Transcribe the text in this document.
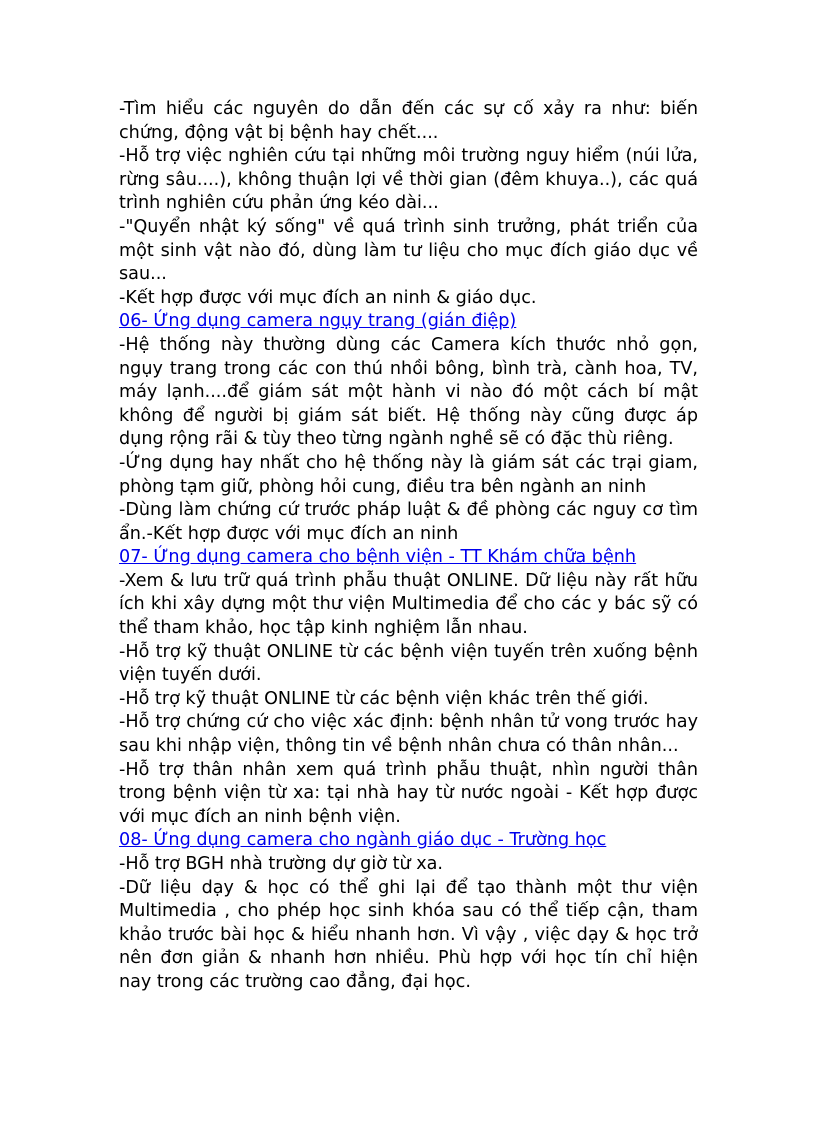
-Tìm hiểu các nguyên do dẫn đến các sự cố xảy ra như: biến chứng, động vật bị bệnh hay chết....

-Hỗ trợ việc nghiên cứu tại những môi trường nguy hiểm (núi lửa, rừng sâu....), không thuận lợi về thời gian (đêm khuya..), các quá trình nghiên cứu phản ứng kéo dài...

-"Quyển nhật ký sống" về quá trình sinh trưởng, phát triển của một sinh vật nào đó, dùng làm tư liệu cho mục đích giáo dục về sau...

-Kết hợp được với mục đích an ninh & giáo dục.

06- Ứng dụng camera ngụy trang (gián điệp)

-Hệ thống này thường dùng các Camera kích thước nhỏ gọn, ngụy trang trong các con thú nhồi bông, bình trà, cành hoa, TV, máy lạnh....để giám sát một hành vi nào đó một cách bí mật không để người bị giám sát biết. Hệ thống này cũng được áp dụng rộng rãi & tùy theo từng ngành nghề sẽ có đặc thù riêng.

-Ứng dụng hay nhất cho hệ thống này là giám sát các trại giam, phòng tạm giữ, phòng hỏi cung, điều tra bên ngành an ninh

-Dùng làm chứng cứ trước pháp luật & đề phòng các nguy cơ tìm ẩn.-Kết hợp được với mục đích an ninh

07- Ứng dụng camera cho bệnh viện - TT Khám chữa bệnh

-Xem & lưu trữ quá trình phẫu thuật ONLINE. Dữ liệu này rất hữu ích khi xây dựng một thư viện Multimedia để cho các y bác sỹ có thể tham khảo, học tập kinh nghiệm lẫn nhau.

-Hỗ trợ kỹ thuật ONLINE từ các bệnh viện tuyến trên xuống bệnh viện tuyến dưới.

-Hỗ trợ kỹ thuật ONLINE từ các bệnh viện khác trên thế giới.

-Hỗ trợ chứng cứ cho việc xác định: bệnh nhân tử vong trước hay sau khi nhập viện, thông tin về bệnh nhân chưa có thân nhân...

-Hỗ trợ thân nhân xem quá trình phẫu thuật, nhìn người thân trong bệnh viện từ xa: tại nhà hay từ nước ngoài - Kết hợp được với mục đích an ninh bệnh viện.

08- Ứng dụng camera cho ngành giáo dục - Trường học

-Hỗ trợ BGH nhà trường dự giờ từ xa.

-Dữ liệu dạy & học có thể ghi lại để tạo thành một thư viện Multimedia , cho phép học sinh khóa sau có thể tiếp cận, tham khảo trước bài học & hiểu nhanh hơn. Vì vậy , việc dạy & học trở nên đơn giản & nhanh hơn nhiều. Phù hợp với học tín chỉ hiện nay trong các trường cao đẳng, đại học.
